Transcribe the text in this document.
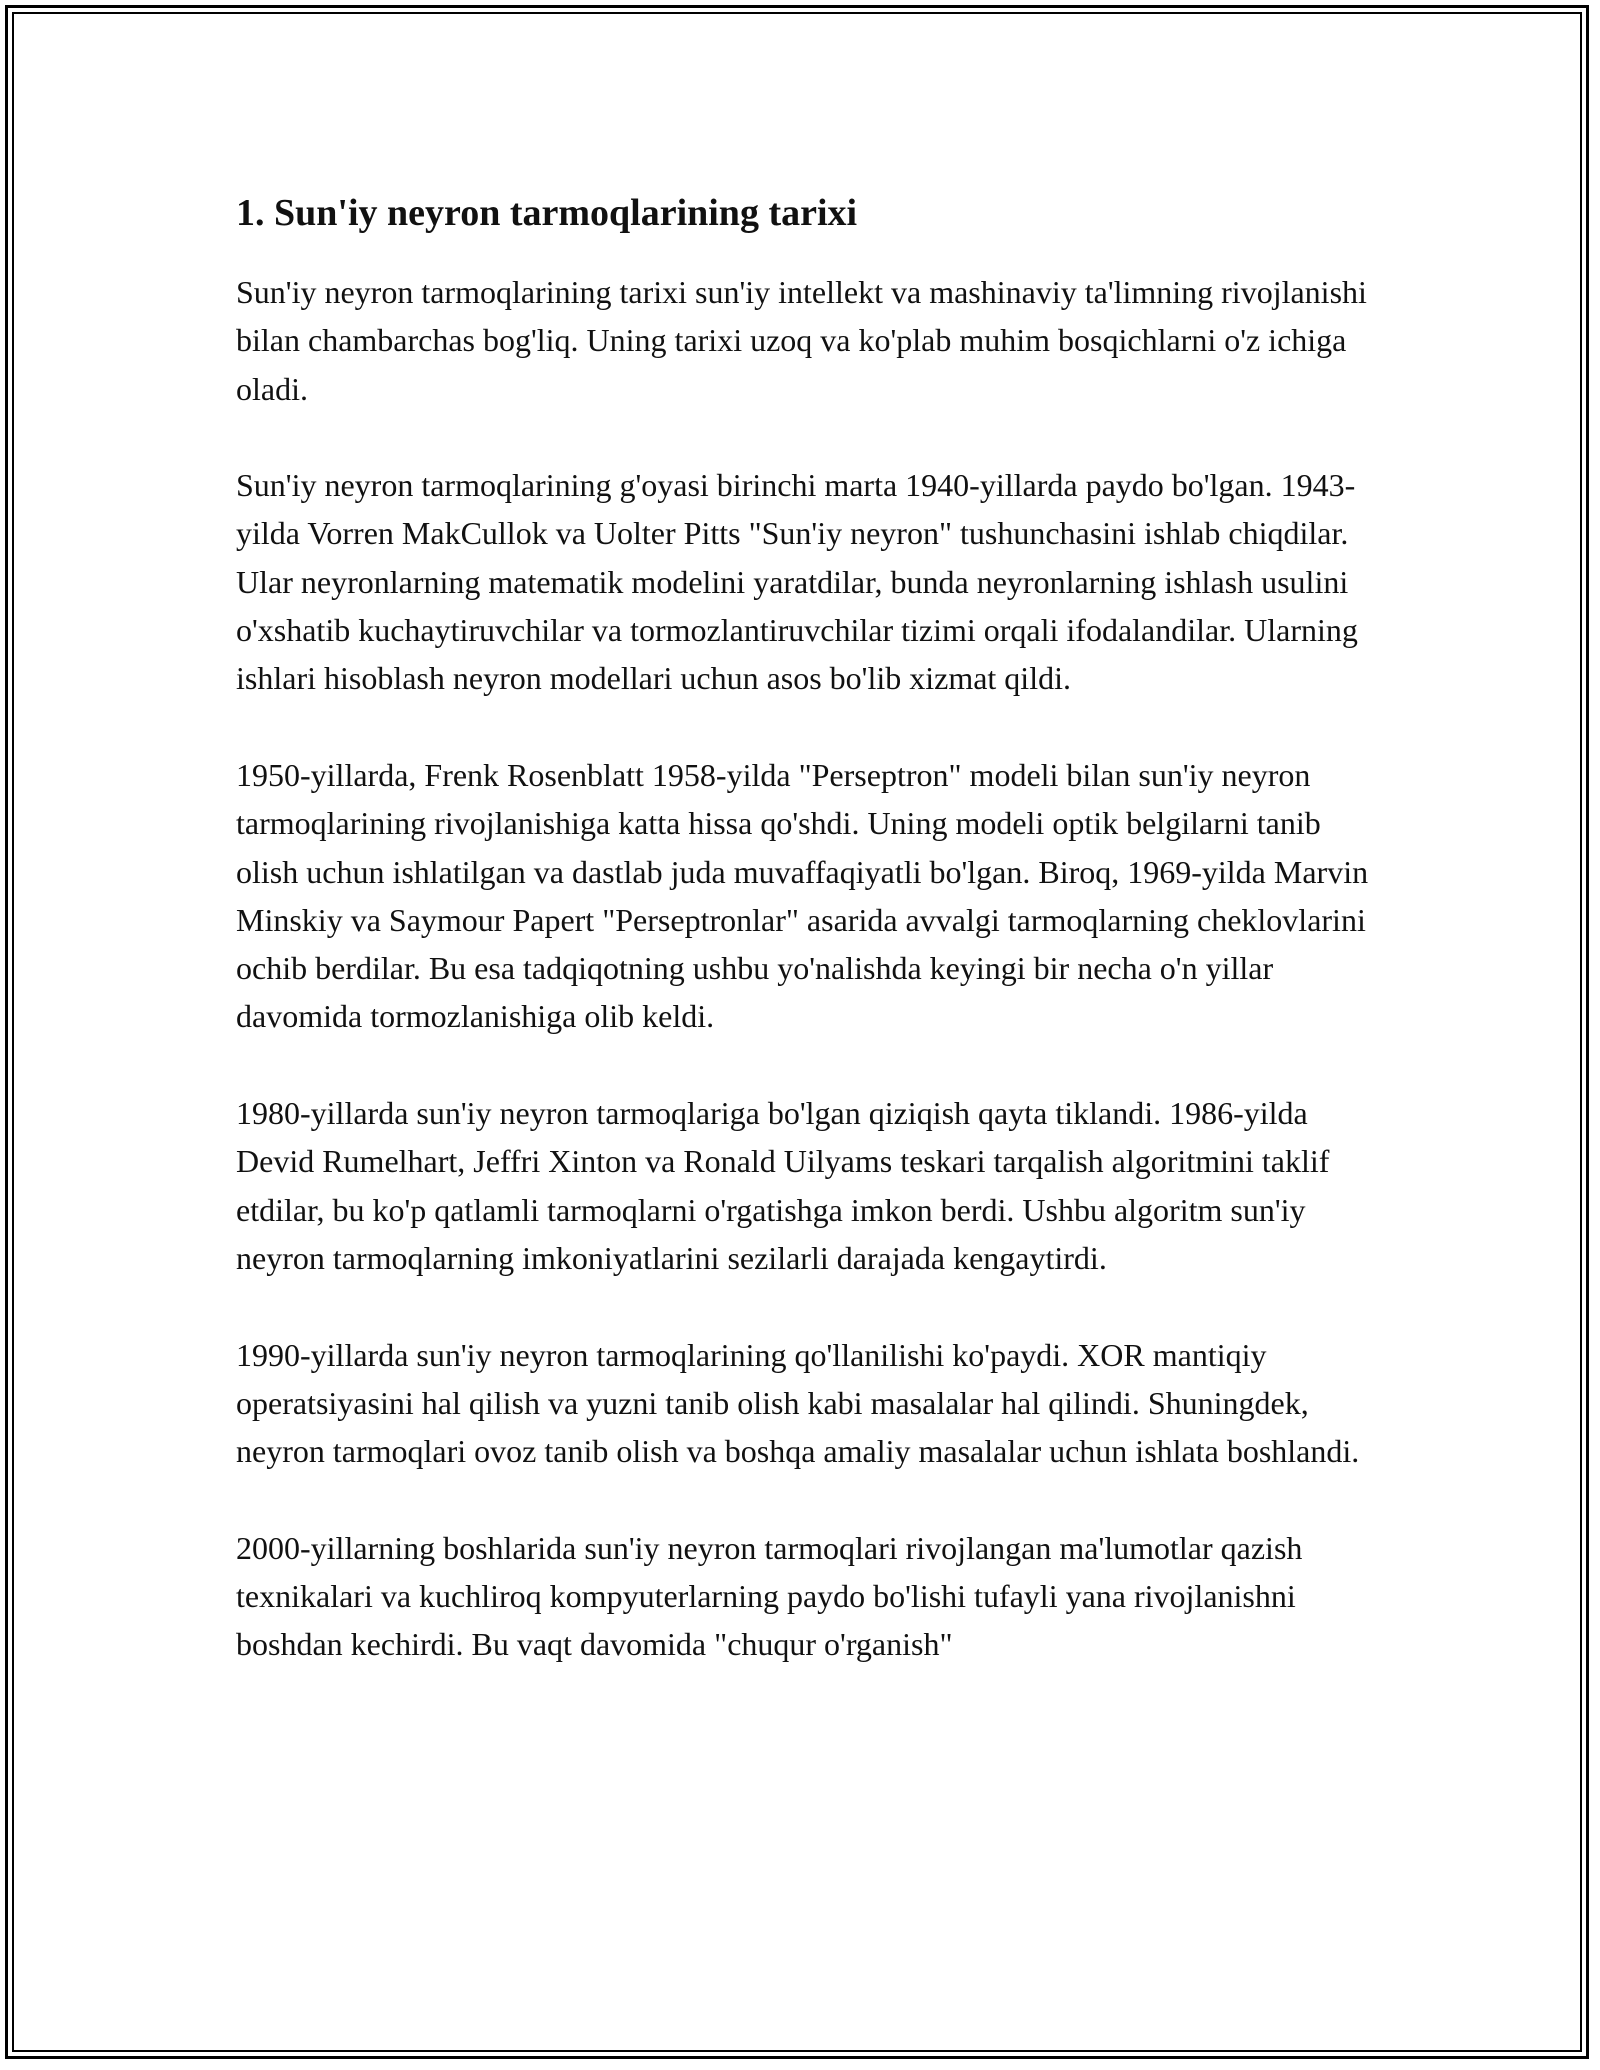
1. Sun'iy neyron tarmoqlarining tarixi

Sun'iy neyron tarmoqlarining tarixi sun'iy intellekt va mashinaviy ta'limning rivojlanishi bilan chambarchas bog'liq. Uning tarixi uzoq va ko'plab muhim bosqichlarni o'z ichiga oladi.

Sun'iy neyron tarmoqlarining g'oyasi birinchi marta 1940-yillarda paydo bo'lgan. 1943-yilda Vorren MakCullok va Uolter Pitts "Sun'iy neyron" tushunchasini ishlab chiqdilar. Ular neyronlarning matematik modelini yaratdilar, bunda neyronlarning ishlash usulini o'xshatib kuchaytiruvchilar va tormozlantiruvchilar tizimi orqali ifodalandilar. Ularning ishlari hisoblash neyron modellari uchun asos bo'lib xizmat qildi.

1950-yillarda, Frenk Rosenblatt 1958-yilda "Perseptron" modeli bilan sun'iy neyron tarmoqlarining rivojlanishiga katta hissa qo'shdi. Uning modeli optik belgilarni tanib olish uchun ishlatilgan va dastlab juda muvaffaqiyatli bo'lgan. Biroq, 1969-yilda Marvin Minskiy va Saymour Papert "Perseptronlar" asarida avvalgi tarmoqlarning cheklovlarini ochib berdilar. Bu esa tadqiqotning ushbu yo'nalishda keyingi bir necha o'n yillar davomida tormozlanishiga olib keldi.

1980-yillarda sun'iy neyron tarmoqlariga bo'lgan qiziqish qayta tiklandi. 1986-yilda Devid Rumelhart, Jeffri Xinton va Ronald Uilyams teskari tarqalish algoritmini taklif etdilar, bu ko'p qatlamli tarmoqlarni o'rgatishga imkon berdi. Ushbu algoritm sun'iy neyron tarmoqlarning imkoniyatlarini sezilarli darajada kengaytirdi.

1990-yillarda sun'iy neyron tarmoqlarining qo'llanilishi ko'paydi. XOR mantiqiy operatsiyasini hal qilish va yuzni tanib olish kabi masalalar hal qilindi. Shuningdek, neyron tarmoqlari ovoz tanib olish va boshqa amaliy masalalar uchun ishlata boshlandi.

2000-yillarning boshlarida sun'iy neyron tarmoqlari rivojlangan ma'lumotlar qazish texnikalari va kuchliroq kompyuterlarning paydo bo'lishi tufayli yana rivojlanishni boshdan kechirdi. Bu vaqt davomida "chuqur o'rganish"
